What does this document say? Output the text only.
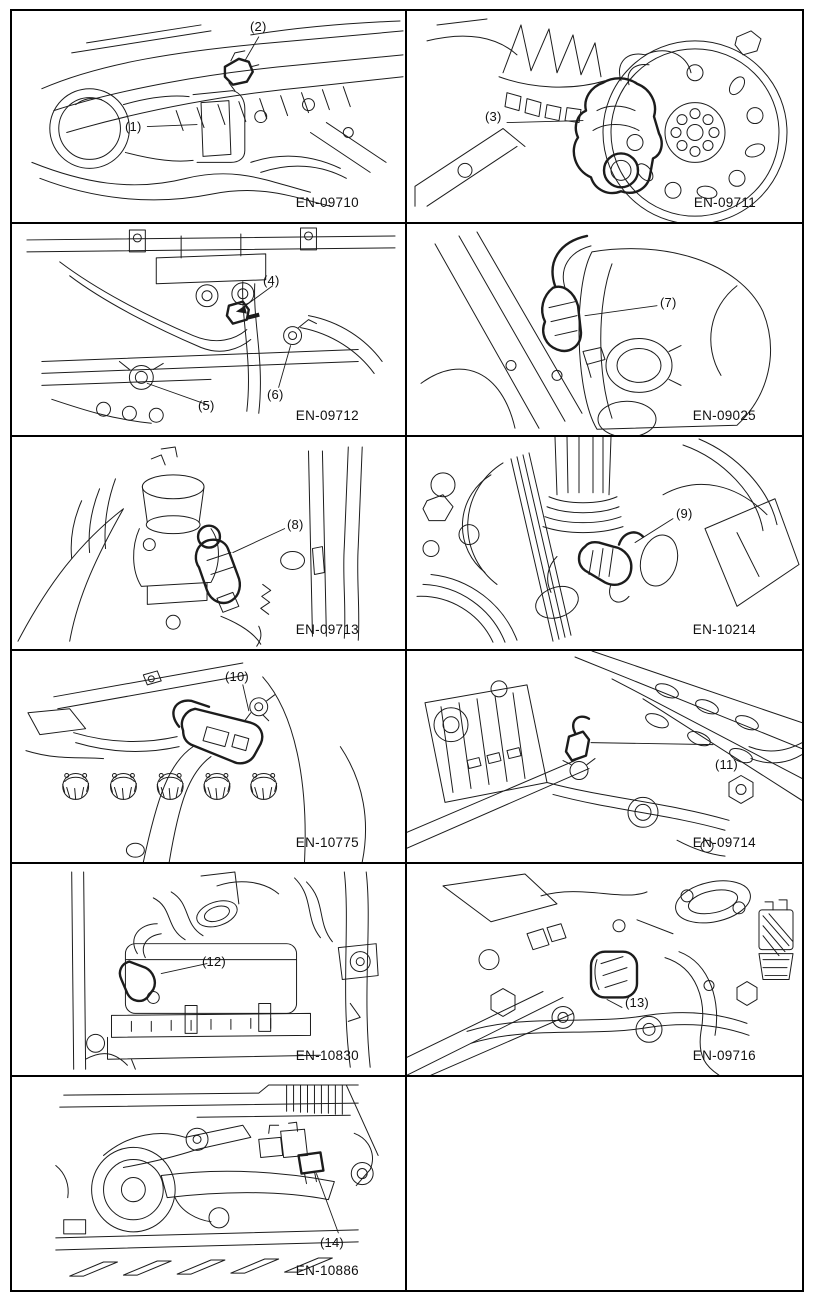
(1)
(2)
EN-09710
(3)
EN-09711
(4)
(5)
(6)
EN-09712
(7)
EN-09025
(8)
EN-09713
(9)
EN-10214
(10)
EN-10775
(11)
EN-09714
(12)
EN-10830
(13)
EN-09716
(14)
EN-10886
